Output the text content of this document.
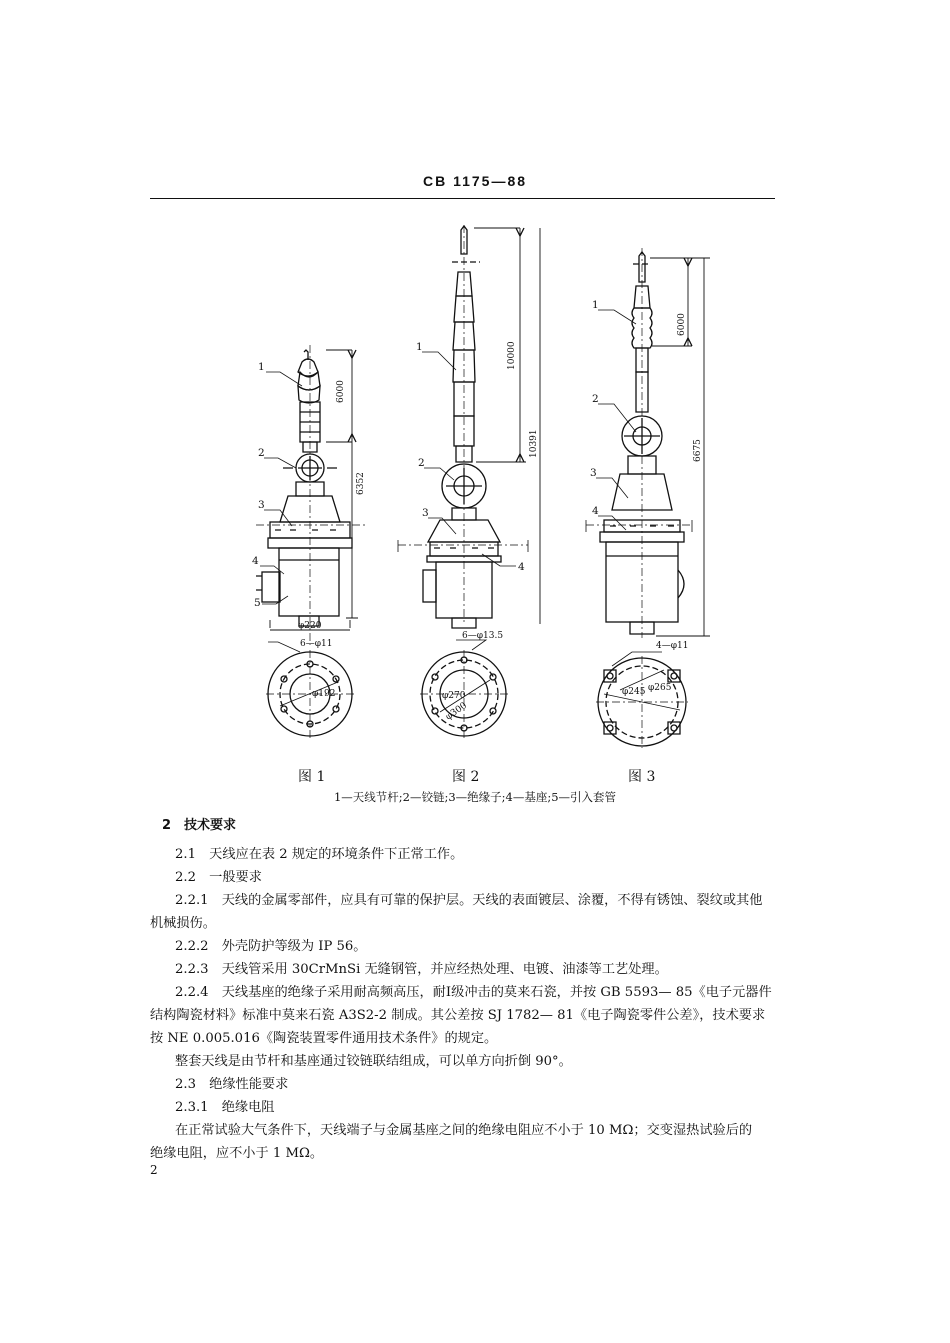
CB 1175—88
1
2
3
4
5
1
2
3
4
1
2
3
4
6000
6352
φ220
6—φ11
φ192
10000
10391
6—φ13.5
φ270
φ300
6000
6675
4—φ11
φ245 φ265
图 1	图 2	图 3
1—天线节杆;2—铰链;3—绝缘子;4—基座;5—引入套管
2　技术要求
2.1　天线应在表 2 规定的环境条件下正常工作。
2.2　一般要求
2.2.1　天线的金属零部件，应具有可靠的保护层。天线的表面镀层、涂覆，不得有锈蚀、裂纹或其他
机械损伤。
2.2.2　外壳防护等级为 IP 56。
2.2.3　天线管采用 30CrMnSi 无缝钢管，并应经热处理、电镀、油漆等工艺处理。
2.2.4　天线基座的绝缘子采用耐高频高压，耐Ⅰ级冲击的莫来石瓷，并按 GB 5593— 85《电子元器件
结构陶瓷材料》标准中莫来石瓷 A3S2-2 制成。其公差按 SJ 1782— 81《电子陶瓷零件公差》，技术要求
按 NE 0.005.016《陶瓷装置零件通用技术条件》的规定。
整套天线是由节杆和基座通过铰链联结组成，可以单方向折倒 90°。
2.3　绝缘性能要求
2.3.1　绝缘电阻
在正常试验大气条件下，天线端子与金属基座之间的绝缘电阻应不小于 10 MΩ；交变湿热试验后的
绝缘电阻，应不小于 1 MΩ。
2
